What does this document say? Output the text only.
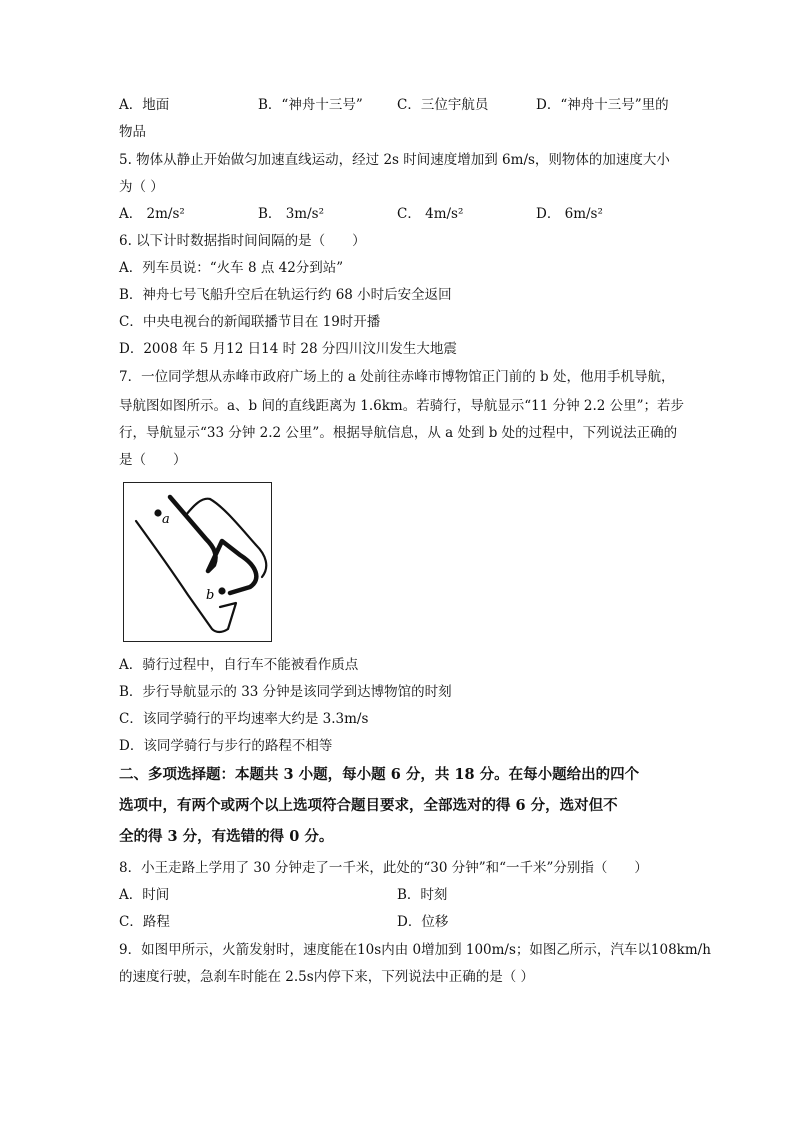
A．地面	B．“神舟十三号”	C．三位宇航员	D．“神舟十三号”里的
物品
5. 物体从静止开始做匀加速直线运动，经过 2s 时间速度增加到 6m/s，则物体的加速度大小
为（ ）
A． 2m/s²	B． 3m/s²	C． 4m/s²	D． 6m/s²
6. 以下计时数据指时间间隔的是（　　）
A．列车员说：“火车 8 点 42分到站”
B．神舟七号飞船升空后在轨运行约 68 小时后安全返回
C．中央电视台的新闻联播节目在 19时开播
D．2008 年 5 月12 日14 时 28 分四川汶川发生大地震
7．一位同学想从赤峰市政府广场上的 a 处前往赤峰市博物馆正门前的 b 处，他用手机导航，
导航图如图所示。a、b 间的直线距离为 1.6km。若骑行，导航显示“11 分钟 2.2 公里”；若步
行，导航显示“33 分钟 2.2 公里”。根据导航信息，从 a 处到 b 处的过程中，下列说法正确的
是（　　）
a
b
A．骑行过程中，自行车不能被看作质点
B．步行导航显示的 33 分钟是该同学到达博物馆的时刻
C．该同学骑行的平均速率大约是 3.3m/s
D．该同学骑行与步行的路程不相等
二、多项选择题：本题共 3 小题，每小题 6 分，共 18 分。在每小题给出的四个
选项中，有两个或两个以上选项符合题目要求，全部选对的得 6 分，选对但不
全的得 3 分，有选错的得 0 分。
8．小王走路上学用了 30 分钟走了一千米，此处的“30 分钟”和“一千米”分别指（　　）
A．时间	B．时刻
C．路程	D．位移
9．如图甲所示，火箭发射时，速度能在10s内由 0增加到 100m/s；如图乙所示，汽车以108km/h
的速度行驶，急刹车时能在 2.5s内停下来，下列说法中正确的是（ ）
